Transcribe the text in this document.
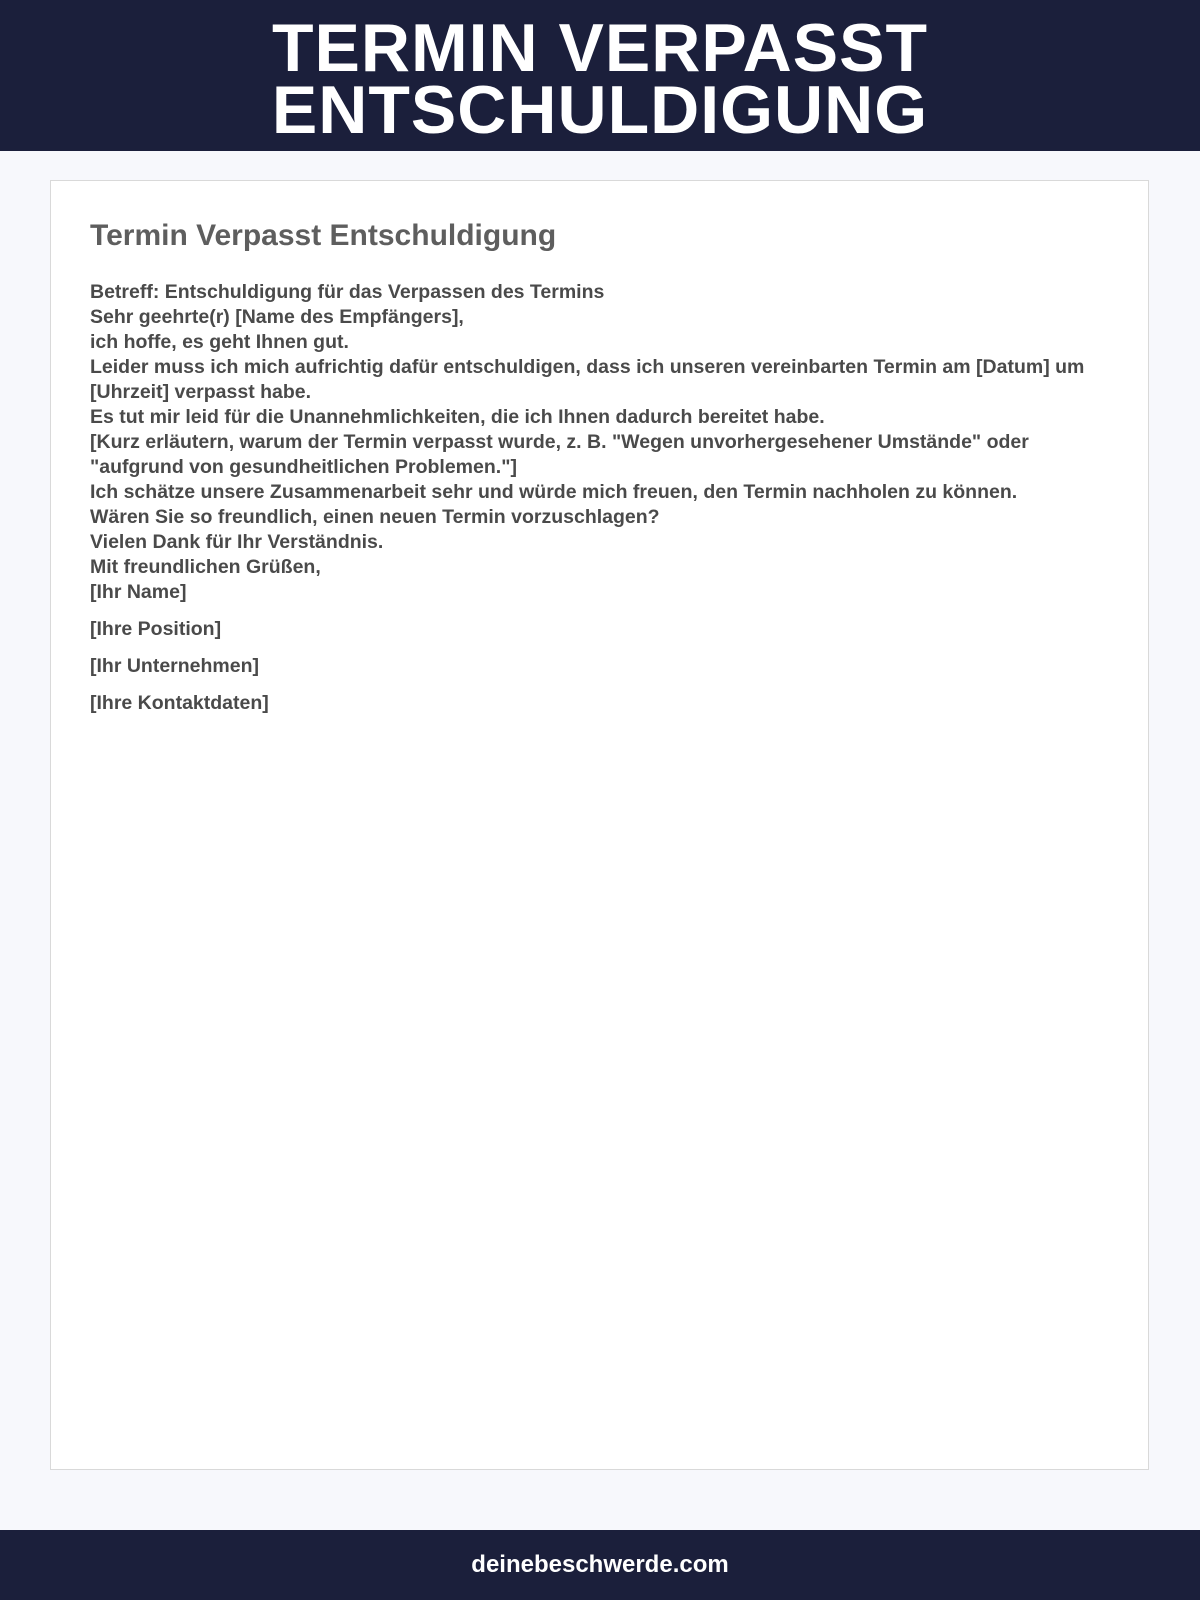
TERMIN VERPASST
ENTSCHULDIGUNG
Termin Verpasst Entschuldigung
Betreff: Entschuldigung für das Verpassen des Termins
Sehr geehrte(r) [Name des Empfängers],
ich hoffe, es geht Ihnen gut.
Leider muss ich mich aufrichtig dafür entschuldigen, dass ich unseren vereinbarten Termin am [Datum] um [Uhrzeit] verpasst habe.
Es tut mir leid für die Unannehmlichkeiten, die ich Ihnen dadurch bereitet habe.
[Kurz erläutern, warum der Termin verpasst wurde, z. B. "Wegen unvorhergesehener Umstände" oder "aufgrund von gesundheitlichen Problemen."]
Ich schätze unsere Zusammenarbeit sehr und würde mich freuen, den Termin nachholen zu können.
Wären Sie so freundlich, einen neuen Termin vorzuschlagen?
Vielen Dank für Ihr Verständnis.
Mit freundlichen Grüßen,
[Ihr Name]
[Ihre Position]
[Ihr Unternehmen]
[Ihre Kontaktdaten]
deinebeschwerde.com
